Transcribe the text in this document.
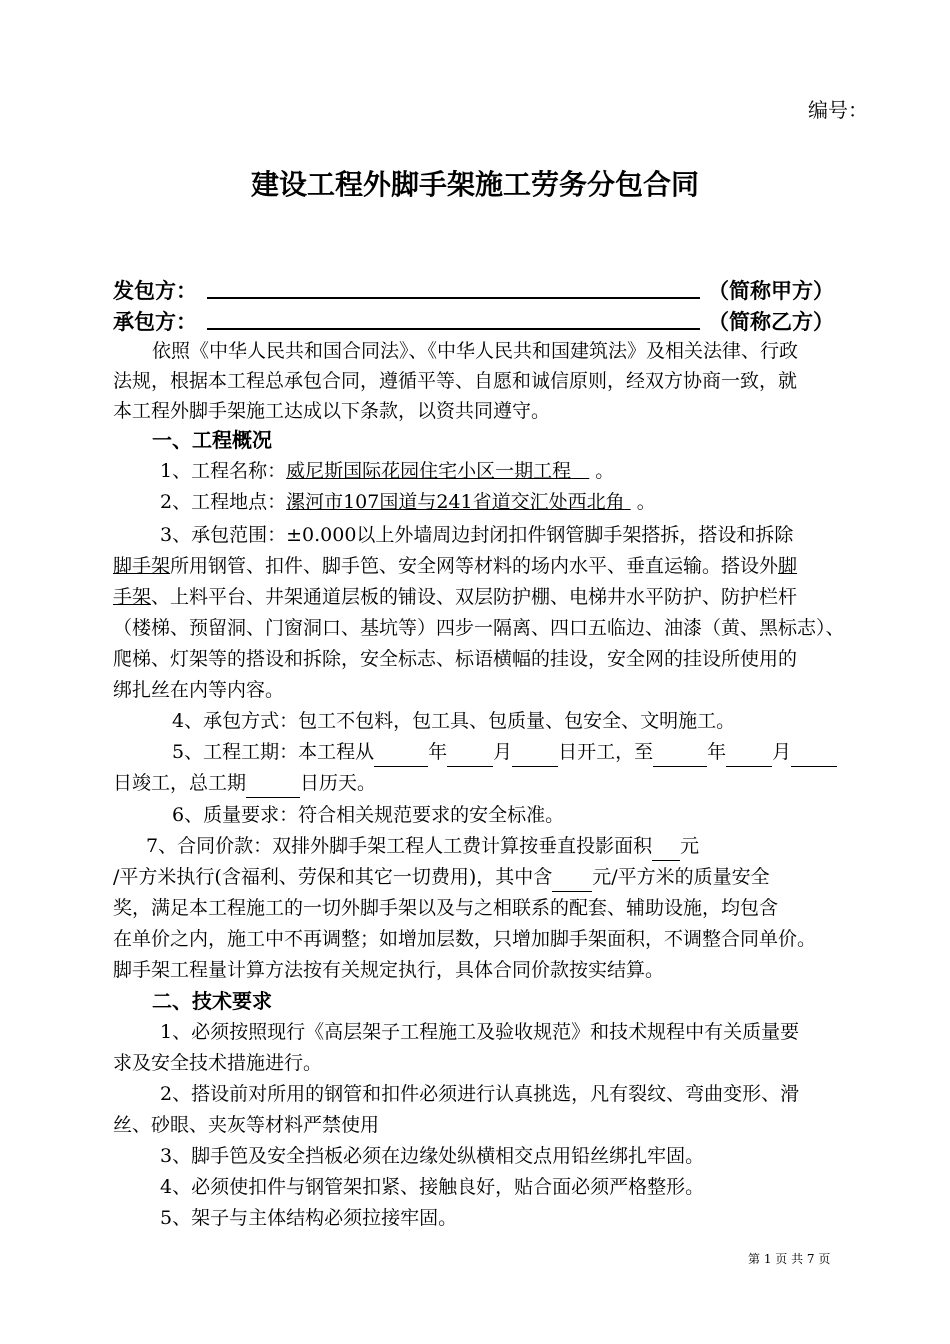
编号：
建设工程外脚手架施工劳务分包合同
发包方：	（简称甲方）
承包方：	（简称乙方）
依照《中华人民共和国合同法》、《中华人民共和国建筑法》及相关法律、行政
法规，根据本工程总承包合同，遵循平等、自愿和诚信原则，经双方协商一致，就
本工程外脚手架施工达成以下条款，以资共同遵守。
一、工程概况
1、工程名称：威尼斯国际花园住宅小区一期工程 。
2、工程地点：漯河市107国道与241省道交汇处西北角 。
3、承包范围：±0.000以上外墙周边封闭扣件钢管脚手架搭拆，搭设和拆除
脚手架所用钢管、扣件、脚手笆、安全网等材料的场内水平、垂直运输。搭设外脚
手架、上料平台、井架通道层板的铺设、双层防护棚、电梯井水平防护、防护栏杆
（楼梯、预留洞、门窗洞口、基坑等）四步一隔离、四口五临边、油漆（黄、黑标志）、
爬梯、灯架等的搭设和拆除，安全标志、标语横幅的挂设，安全网的挂设所使用的
绑扎丝在内等内容。
4、承包方式：包工不包料，包工具、包质量、包安全、文明施工。
5、工程工期：本工程从	年 月 日开工，至	年 月
日竣工，总工期	日历天。
6、质量要求：符合相关规范要求的安全标准。
7、合同价款：双排外脚手架工程人工费计算按垂直投影面积 元
/平方米执行(含福利、劳保和其它一切费用)，其中含 元/平方米的质量安全
奖，满足本工程施工的一切外脚手架以及与之相联系的配套、辅助设施，均包含
在单价之内，施工中不再调整；如增加层数，只增加脚手架面积，不调整合同单价。
脚手架工程量计算方法按有关规定执行，具体合同价款按实结算。
二、技术要求
1、必须按照现行《高层架子工程施工及验收规范》和技术规程中有关质量要
求及安全技术措施进行。
2、搭设前对所用的钢管和扣件必须进行认真挑选，凡有裂纹、弯曲变形、滑
丝、砂眼、夹灰等材料严禁使用
3、脚手笆及安全挡板必须在边缘处纵横相交点用铅丝绑扎牢固。
4、必须使扣件与钢管架扣紧、接触良好，贴合面必须严格整形。
5、架子与主体结构必须拉接牢固。
第 1 页 共 7 页
